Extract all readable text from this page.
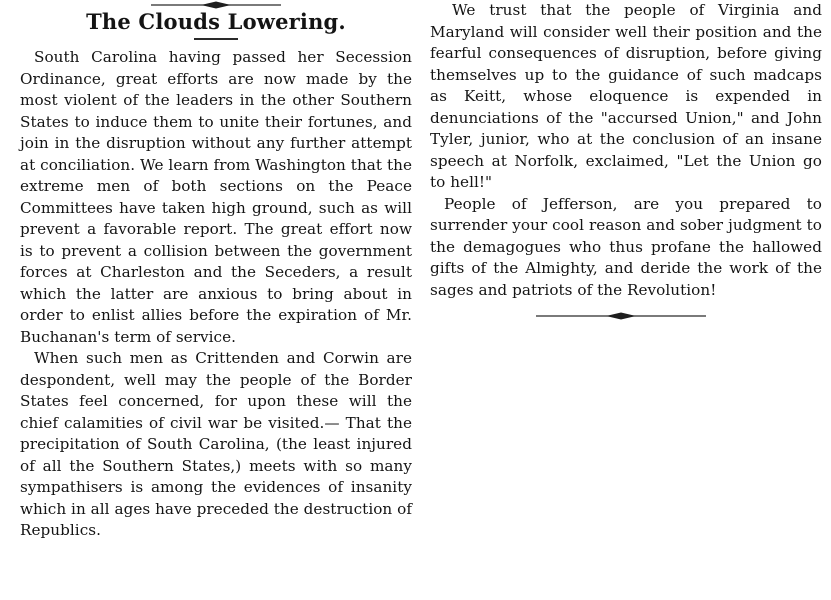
The Clouds Lowering.

South Carolina having passed her Secession Ordinance, great efforts are now made by the most violent of the leaders in the other Southern States to induce them to unite their fortunes, and join in the disruption without any further attempt at conciliation. We learn from Washington that the extreme men of both sections on the Peace Committees have taken high ground, such as will prevent a favorable report. The great effort now is to prevent a collision between the government forces at Charleston and the Seceders, a result which the latter are anxious to bring about in order to enlist allies before the expiration of Mr. Buchanan's term of service.

When such men as Crittenden and Corwin are despondent, well may the people of the Border States feel concerned, for upon these will the chief calamities of civil war be visited.— That the precipitation of South Carolina, (the least injured of all the Southern States,) meets with so many sympathisers is among the evidences of insanity which in all ages have preceded the destruction of Republics.

We trust that the people of Virginia and Maryland will consider well their position and the fearful consequences of disruption, before giving themselves up to the guidance of such madcaps as Keitt, whose eloquence is expended in denunciations of the "accursed Union," and John Tyler, junior, who at the conclusion of an insane speech at Norfolk, exclaimed, "Let the Union go to hell!"

People of Jefferson, are you prepared to surrender your cool reason and sober judgment to the demagogues who thus profane the hallowed gifts of the Almighty, and deride the work of the sages and patriots of the Revolution!
